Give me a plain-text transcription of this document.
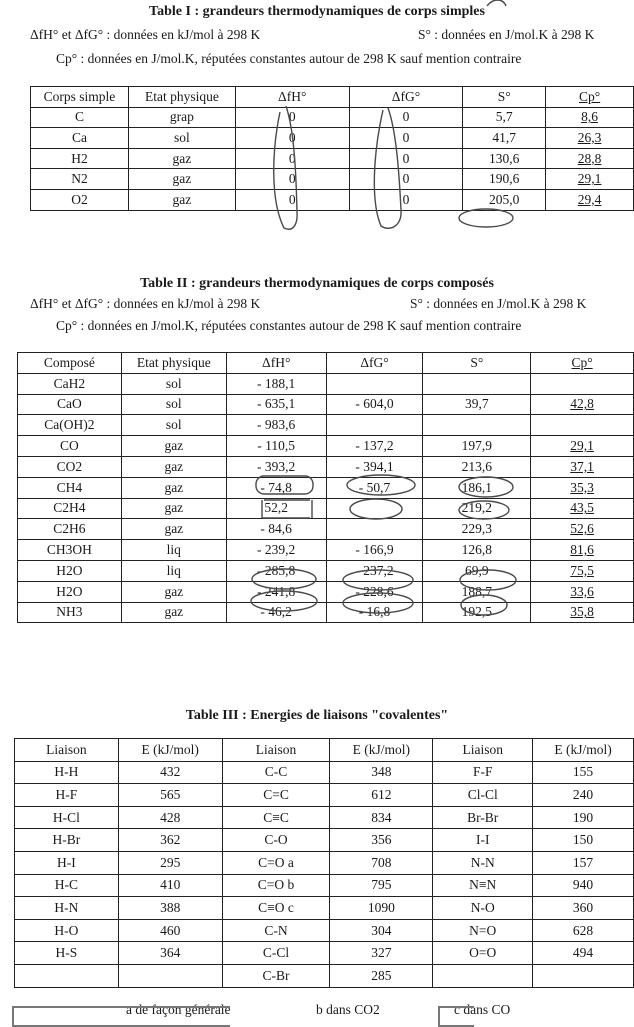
Table I : grandeurs thermodynamiques de corps simples
ΔfH° et ΔfG° : données en kJ/mol à 298 K	S° : données en J/mol.K à 298 K
Cp° : données en J/mol.K, réputées constantes autour de 298 K sauf mention contraire
Corps simple	Etat physique	ΔfH°	ΔfG°	S°	Cp°
C	grap	0	0	5,7	8,6
Ca	sol	0	0	41,7	26,3
H2	gaz	0	0	130,6	28,8
N2	gaz	0	0	190,6	29,1
O2	gaz	0	0	205,0	29,4
Table II : grandeurs thermodynamiques de corps composés
ΔfH° et ΔfG° : données en kJ/mol à 298 K	S° : données en J/mol.K à 298 K
Cp° : données en J/mol.K, réputées constantes autour de 298 K sauf mention contraire
Composé	Etat physique	ΔfH°	ΔfG°	S°	Cp°
CaH2	sol	- 188,1			
CaO	sol	- 635,1	- 604,0	39,7	42,8
Ca(OH)2	sol	- 983,6			
CO	gaz	- 110,5	- 137,2	197,9	29,1
CO2	gaz	- 393,2	- 394,1	213,6	37,1
CH4	gaz	- 74,8	- 50,7	186,1	35,3
C2H4	gaz	52,2		219,2	43,5
C2H6	gaz	- 84,6		229,3	52,6
CH3OH	liq	- 239,2	- 166,9	126,8	81,6
H2O	liq	- 285,8	- 237,2	69,9	75,5
H2O	gaz	- 241,8	- 228,6	188,7	33,6
NH3	gaz	- 46,2	- 16,8	192,5	35,8
Table III : Energies de liaisons "covalentes"
Liaison	E (kJ/mol)	Liaison	E (kJ/mol)	Liaison	E (kJ/mol)
H-H	432	C-C	348	F-F	155
H-F	565	C=C	612	Cl-Cl	240
H-Cl	428	C≡C	834	Br-Br	190
H-Br	362	C-O	356	I-I	150
H-I	295	C=O a	708	N-N	157
H-C	410	C=O b	795	N≡N	940
H-N	388	C≡O c	1090	N-O	360
H-O	460	C-N	304	N=O	628
H-S	364	C-Cl	327	O=O	494
		C-Br	285		
a de façon générale	b dans CO2	c dans CO
